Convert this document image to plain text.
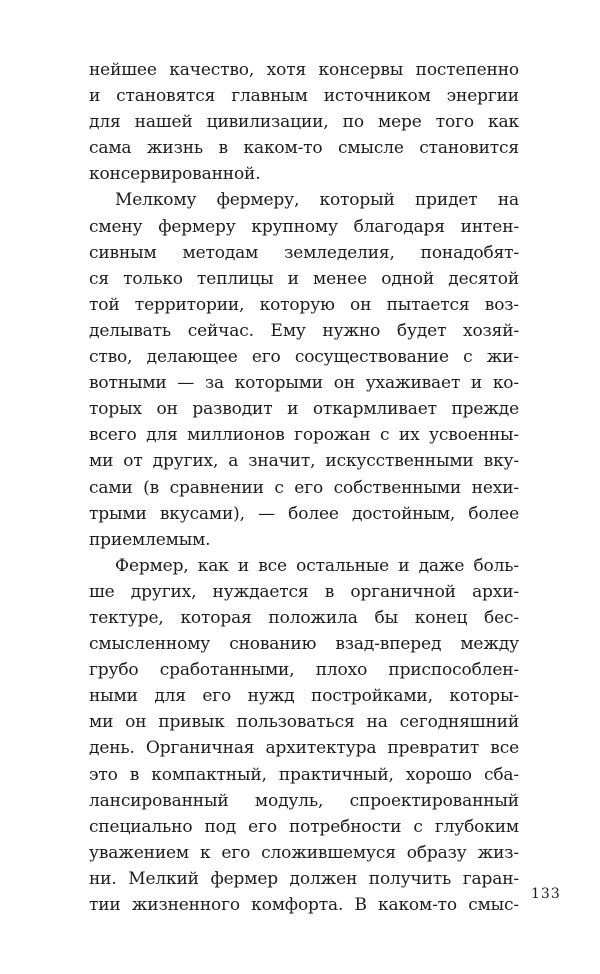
нейшее качество, хотя консервы постепенно
и становятся главным источником энергии
для нашей цивилизации, по мере того как
сама жизнь в каком-то смысле становится
консервированной.
Мелкому фермеру, который придет на
смену фермеру крупному благодаря интен-
сивным методам земледелия, понадобят-
ся только теплицы и менее одной десятой
той территории, которую он пытается воз-
делывать сейчас. Ему нужно будет хозяй-
ство, делающее его сосуществование с жи-
вотными — за которыми он ухаживает и ко-
торых он разводит и откармливает прежде
всего для миллионов горожан с их усвоенны-
ми от других, а значит, искусственными вку-
сами (в сравнении с его собственными нехи-
трыми вкусами), — более достойным, более
приемлемым.
Фермер, как и все остальные и даже боль-
ше других, нуждается в органичной архи-
тектуре, которая положила бы конец бес-
смысленному снованию взад-вперед между
грубо сработанными, плохо приспособлен-
ными для его нужд постройками, которы-
ми он привык пользоваться на сегодняшний
день. Органичная архитектура превратит все
это в компактный, практичный, хорошо сба-
лансированный модуль, спроектированный
специально под его потребности с глубоким
уважением к его сложившемуся образу жиз-
ни. Мелкий фермер должен получить гаран-
тии жизненного комфорта. В каком-то смыс-
133
